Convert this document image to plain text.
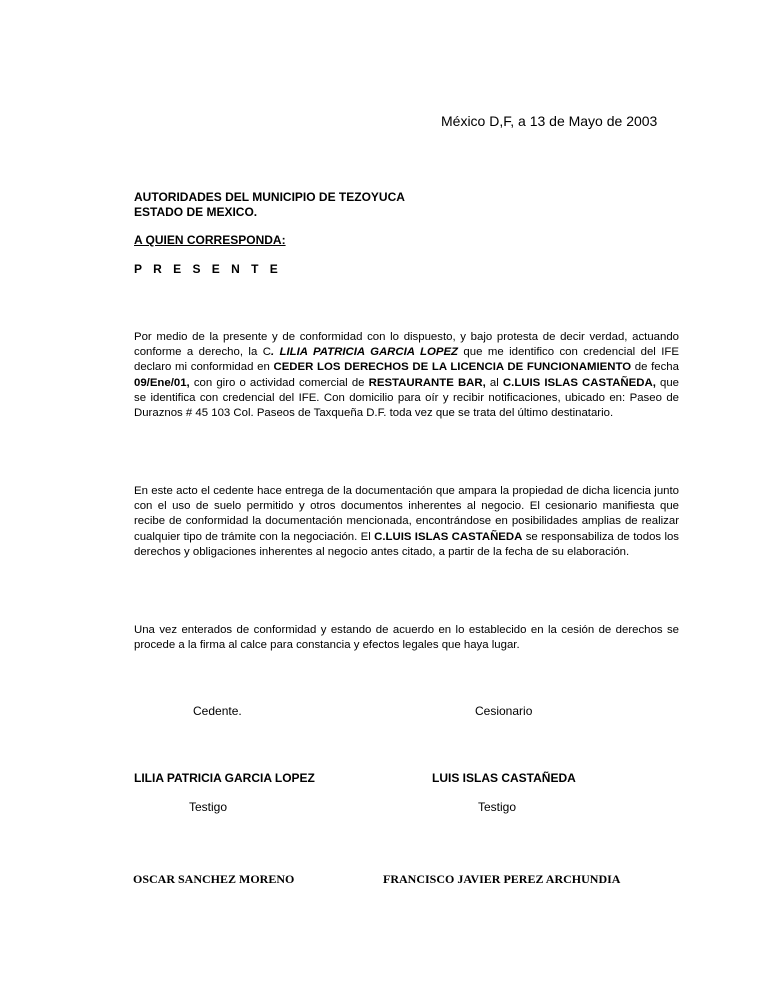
México D,F, a 13 de Mayo de 2003
AUTORIDADES DEL MUNICIPIO DE TEZOYUCA
ESTADO DE MEXICO.
A QUIEN CORRESPONDA:
P R E S E N T E
Por medio de la presente y de conformidad con lo dispuesto, y bajo protesta de decir verdad, actuando conforme a derecho, la C. LILIA PATRICIA GARCIA LOPEZ que me identifico con credencial del IFE declaro mi conformidad en CEDER LOS DERECHOS DE LA LICENCIA DE FUNCIONAMIENTO de fecha 09/Ene/01, con giro o actividad comercial de RESTAURANTE BAR, al C.LUIS ISLAS CASTAÑEDA, que se identifica con credencial del IFE. Con domicilio para oír y recibir notificaciones, ubicado en: Paseo de Duraznos # 45 103 Col. Paseos de Taxqueña D.F. toda vez que se trata del último destinatario.
En este acto el cedente hace entrega de la documentación que ampara la propiedad de dicha licencia junto con el uso de suelo permitido y otros documentos inherentes al negocio. El cesionario manifiesta que recibe de conformidad la documentación mencionada, encontrándose en posibilidades amplias de realizar cualquier tipo de trámite con la negociación. El C.LUIS ISLAS CASTAÑEDA se responsabiliza de todos los derechos y obligaciones inherentes al negocio antes citado, a partir de la fecha de su elaboración.
Una vez enterados de conformidad y estando de acuerdo en lo establecido en la cesión de derechos se procede a la firma al calce para constancia y efectos legales que haya lugar.
Cedente.	Cesionario
LILIA PATRICIA GARCIA LOPEZ	LUIS ISLAS CASTAÑEDA
Testigo	Testigo
OSCAR SANCHEZ MORENO	FRANCISCO JAVIER PEREZ ARCHUNDIA
